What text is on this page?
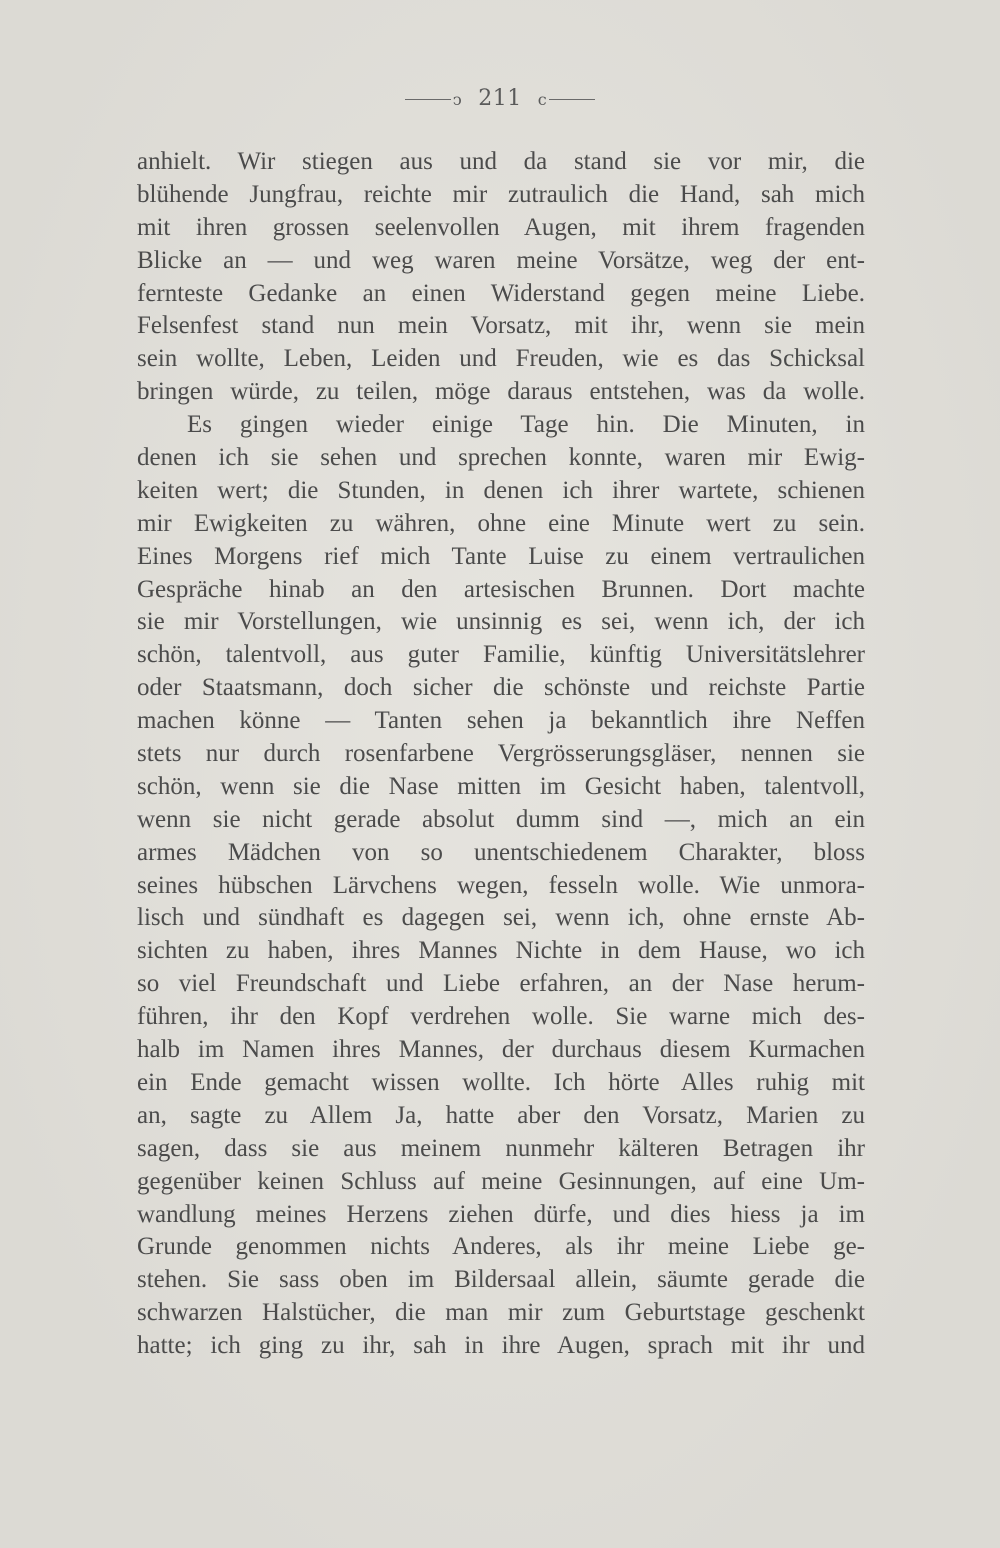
ↄ 211 c
anhielt. Wir stiegen aus und da stand sie vor mir, die
blühende Jungfrau, reichte mir zutraulich die Hand, sah mich
mit ihren grossen seelenvollen Augen, mit ihrem fragenden
Blicke an — und weg waren meine Vorsätze, weg der ent-
fernteste Gedanke an einen Widerstand gegen meine Liebe.
Felsenfest stand nun mein Vorsatz, mit ihr, wenn sie mein
sein wollte, Leben, Leiden und Freuden, wie es das Schicksal
bringen würde, zu teilen, möge daraus entstehen, was da wolle.
Es gingen wieder einige Tage hin. Die Minuten, in
denen ich sie sehen und sprechen konnte, waren mir Ewig-
keiten wert; die Stunden, in denen ich ihrer wartete, schienen
mir Ewigkeiten zu währen, ohne eine Minute wert zu sein.
Eines Morgens rief mich Tante Luise zu einem vertraulichen
Gespräche hinab an den artesischen Brunnen. Dort machte
sie mir Vorstellungen, wie unsinnig es sei, wenn ich, der ich
schön, talentvoll, aus guter Familie, künftig Universitätslehrer
oder Staatsmann, doch sicher die schönste und reichste Partie
machen könne — Tanten sehen ja bekanntlich ihre Neffen
stets nur durch rosenfarbene Vergrösserungsgläser, nennen sie
schön, wenn sie die Nase mitten im Gesicht haben, talentvoll,
wenn sie nicht gerade absolut dumm sind —, mich an ein
armes Mädchen von so unentschiedenem Charakter, bloss
seines hübschen Lärvchens wegen, fesseln wolle. Wie unmora-
lisch und sündhaft es dagegen sei, wenn ich, ohne ernste Ab-
sichten zu haben, ihres Mannes Nichte in dem Hause, wo ich
so viel Freundschaft und Liebe erfahren, an der Nase herum-
führen, ihr den Kopf verdrehen wolle. Sie warne mich des-
halb im Namen ihres Mannes, der durchaus diesem Kurmachen
ein Ende gemacht wissen wollte. Ich hörte Alles ruhig mit
an, sagte zu Allem Ja, hatte aber den Vorsatz, Marien zu
sagen, dass sie aus meinem nunmehr kälteren Betragen ihr
gegenüber keinen Schluss auf meine Gesinnungen, auf eine Um-
wandlung meines Herzens ziehen dürfe, und dies hiess ja im
Grunde genommen nichts Anderes, als ihr meine Liebe ge-
stehen. Sie sass oben im Bildersaal allein, säumte gerade die
schwarzen Halstücher, die man mir zum Geburtstage geschenkt
hatte; ich ging zu ihr, sah in ihre Augen, sprach mit ihr und
